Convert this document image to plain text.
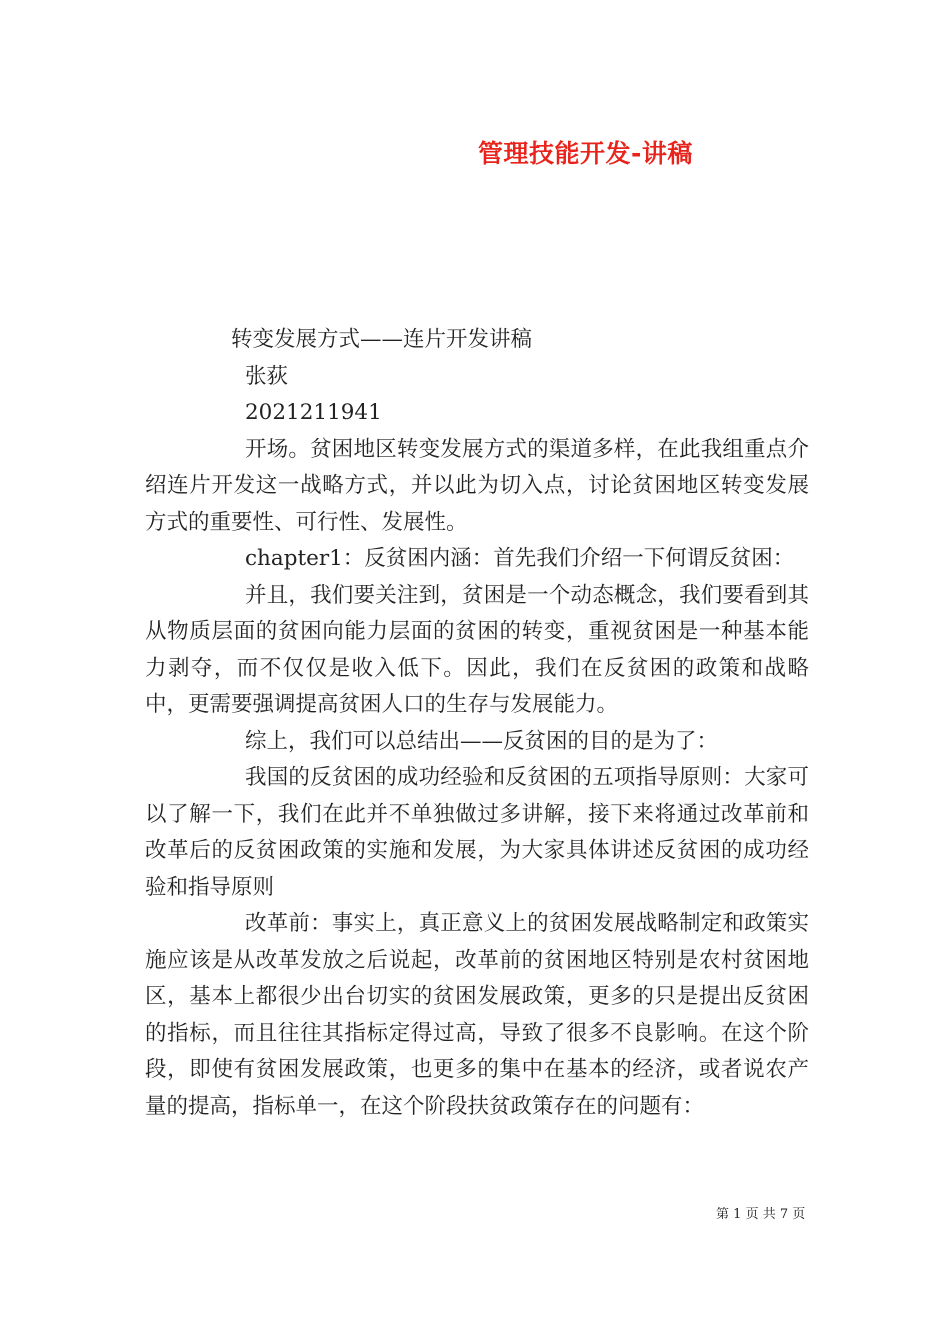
管理技能开发-讲稿

转变发展方式——连片开发讲稿

张荻

2021211941

开场。贫困地区转变发展方式的渠道多样，在此我组重点介绍连片开发这一战略方式，并以此为切入点，讨论贫困地区转变发展方式的重要性、可行性、发展性。

chapter1：反贫困内涵：首先我们介绍一下何谓反贫困：

并且，我们要关注到，贫困是一个动态概念，我们要看到其从物质层面的贫困向能力层面的贫困的转变，重视贫困是一种基本能力剥夺，而不仅仅是收入低下。因此，我们在反贫困的政策和战略中，更需要强调提高贫困人口的生存与发展能力。

综上，我们可以总结出——反贫困的目的是为了：

我国的反贫困的成功经验和反贫困的五项指导原则：大家可以了解一下，我们在此并不单独做过多讲解，接下来将通过改革前和改革后的反贫困政策的实施和发展，为大家具体讲述反贫困的成功经验和指导原则

改革前：事实上，真正意义上的贫困发展战略制定和政策实施应该是从改革发放之后说起，改革前的贫困地区特别是农村贫困地区，基本上都很少出台切实的贫困发展政策，更多的只是提出反贫困的指标，而且往往其指标定得过高，导致了很多不良影响。在这个阶段，即使有贫困发展政策，也更多的集中在基本的经济，或者说农产量的提高，指标单一，在这个阶段扶贫政策存在的问题有：

第 1 页 共 7 页
